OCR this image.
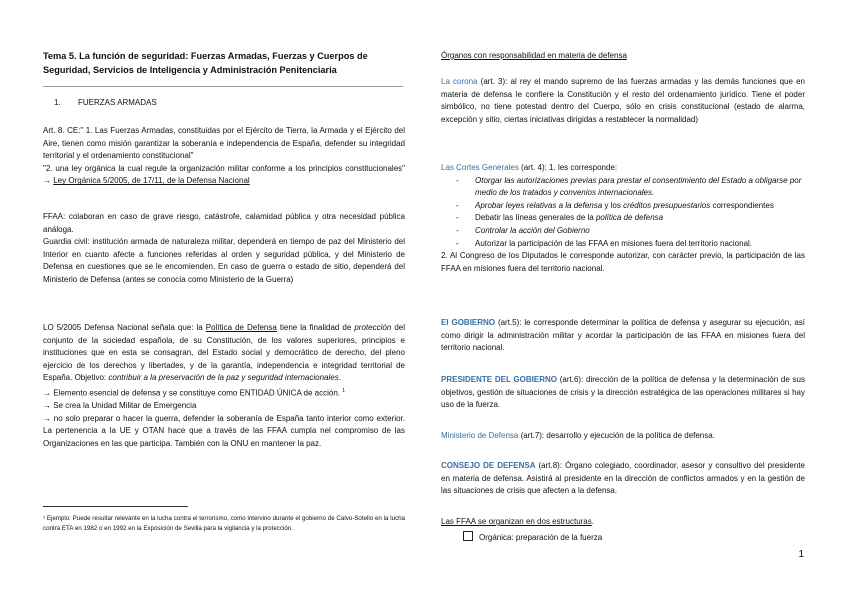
Tema 5. La función de seguridad: Fuerzas Armadas, Fuerzas y Cuerpos de Seguridad, Servicios de Inteligencia y Administración Penitenciaria
1. FUERZAS ARMADAS

Art. 8. CE:" 1. Las Fuerzas Armadas, constituidas por el Ejército de Tierra, la Armada y el Ejército del Aire, tienen como misión garantizar la soberanía e independencia de España, defender su integridad territorial y el ordenamiento constitucional"

"2. una ley orgánica la cual regule la organización militar conforme a los principios constitucionales" → Ley Orgánica 5/2005, de 17/11, de la Defensa Nacional

FFAA: colaboran en caso de grave riesgo, catástrofe, calamidad pública y otra necesidad pública análoga.

Guardia civil: institución armada de naturaleza militar, dependerá en tiempo de paz del Ministerio del Interior en cuanto afecte a funciones referidas al orden y seguridad pública, y del Ministerio de Defensa en cuestiones que se le encomienden. En caso de guerra o estado de sitio, dependerá del Ministerio de Defensa (antes se conocía como Ministerio de la Guerra)

LO 5/2005 Defensa Nacional señala que: la Política de Defensa tiene la finalidad de protección del conjunto de la sociedad española, de su Constitución, de los valores superiores, principios e instituciones que en esta se consagran, del Estado social y democrático de derecho, del pleno ejercicio de los derechos y libertades, y de la garantía, independencia e integridad territorial de España. Objetivo: contribuir a la preservación de la paz y seguridad internacionales.

→ Elemento esencial de defensa y se constituye como ENTIDAD ÚNICA de acción. $^1$

→ Se crea la Unidad Militar de Emergencia

→ no solo preparar o hacer la guerra, defender la soberanía de España tanto interior como exterior. La pertenencia a la UE y OTAN hace que a través de las FFAA cumpla nel compromiso de las Organizaciones en las que participa. También con la ONU en mantener la paz.

¹ Ejemplo: Puede resultar relevante en la lucha contra el terrorismo, como intervino durante el gobierno de Calvo-Sotello en la lucha contra ETA en 1982 o en 1992 en la Exposición de Sevilla para la vigilancia y la protección.

Órganos con responsabilidad en materia de defensa

La corona (art. 3): al rey el mando supremo de las fuerzas armadas y las demás funciones que en materia de defensa le confiere la Constitución y el resto del ordenamiento jurídico. Tiene el poder simbólico, no tiene potestad dentro del Cuerpo, sólo en crisis constitucional (estado de alarma, excepción y sitio, ciertas iniciativas dirigidas a restablecer la normalidad)

Las Cortes Generales (art. 4): 1. les corresponde:

- Otorgar las autorizaciones previas para prestar el consentimiento del Estado a obligarse por medio de los tratados y convenios internacionales.
- Aprobar leyes relativas a la defensa y los créditos presupuestarios correspondientes
- Debatir las líneas generales de la política de defensa
- Controlar la acción del Gobierno
- Autorizar la participación de las FFAA en misiones fuera del territorio nacional.

2. Al Congreso de los Diputados le corresponde autorizar, con carácter previo, la participación de las FFAA en misiones fuera del territorio nacional.

El GOBIERNO (art.5): le corresponde determinar la política de defensa y asegurar su ejecución, así como dirigir la administración militar y acordar la participación de las FFAA en misiones fuera del territorio nacional.

PRESIDENTE DEL GOBIERNO (art.6): dirección de la política de defensa y la determinación de sus objetivos, gestión de situaciones de crisis y la dirección estratégica de las operaciones militares si hay uso de la fuerza.

Ministerio de Defensa (art.7): desarrollo y ejecución de la política de defensa.

CONSEJO DE DEFENSA (art.8): Órgano colegiado, coordinador, asesor y consultivo del presidente en materia de defensa. Asistirá al presidente en la dirección de conflictos armados y en la gestión de las situaciones de crisis que afecten a la defensa.

Las FFAA se organizan en dos estructuras.
Orgánica: preparación de la fuerza
1
